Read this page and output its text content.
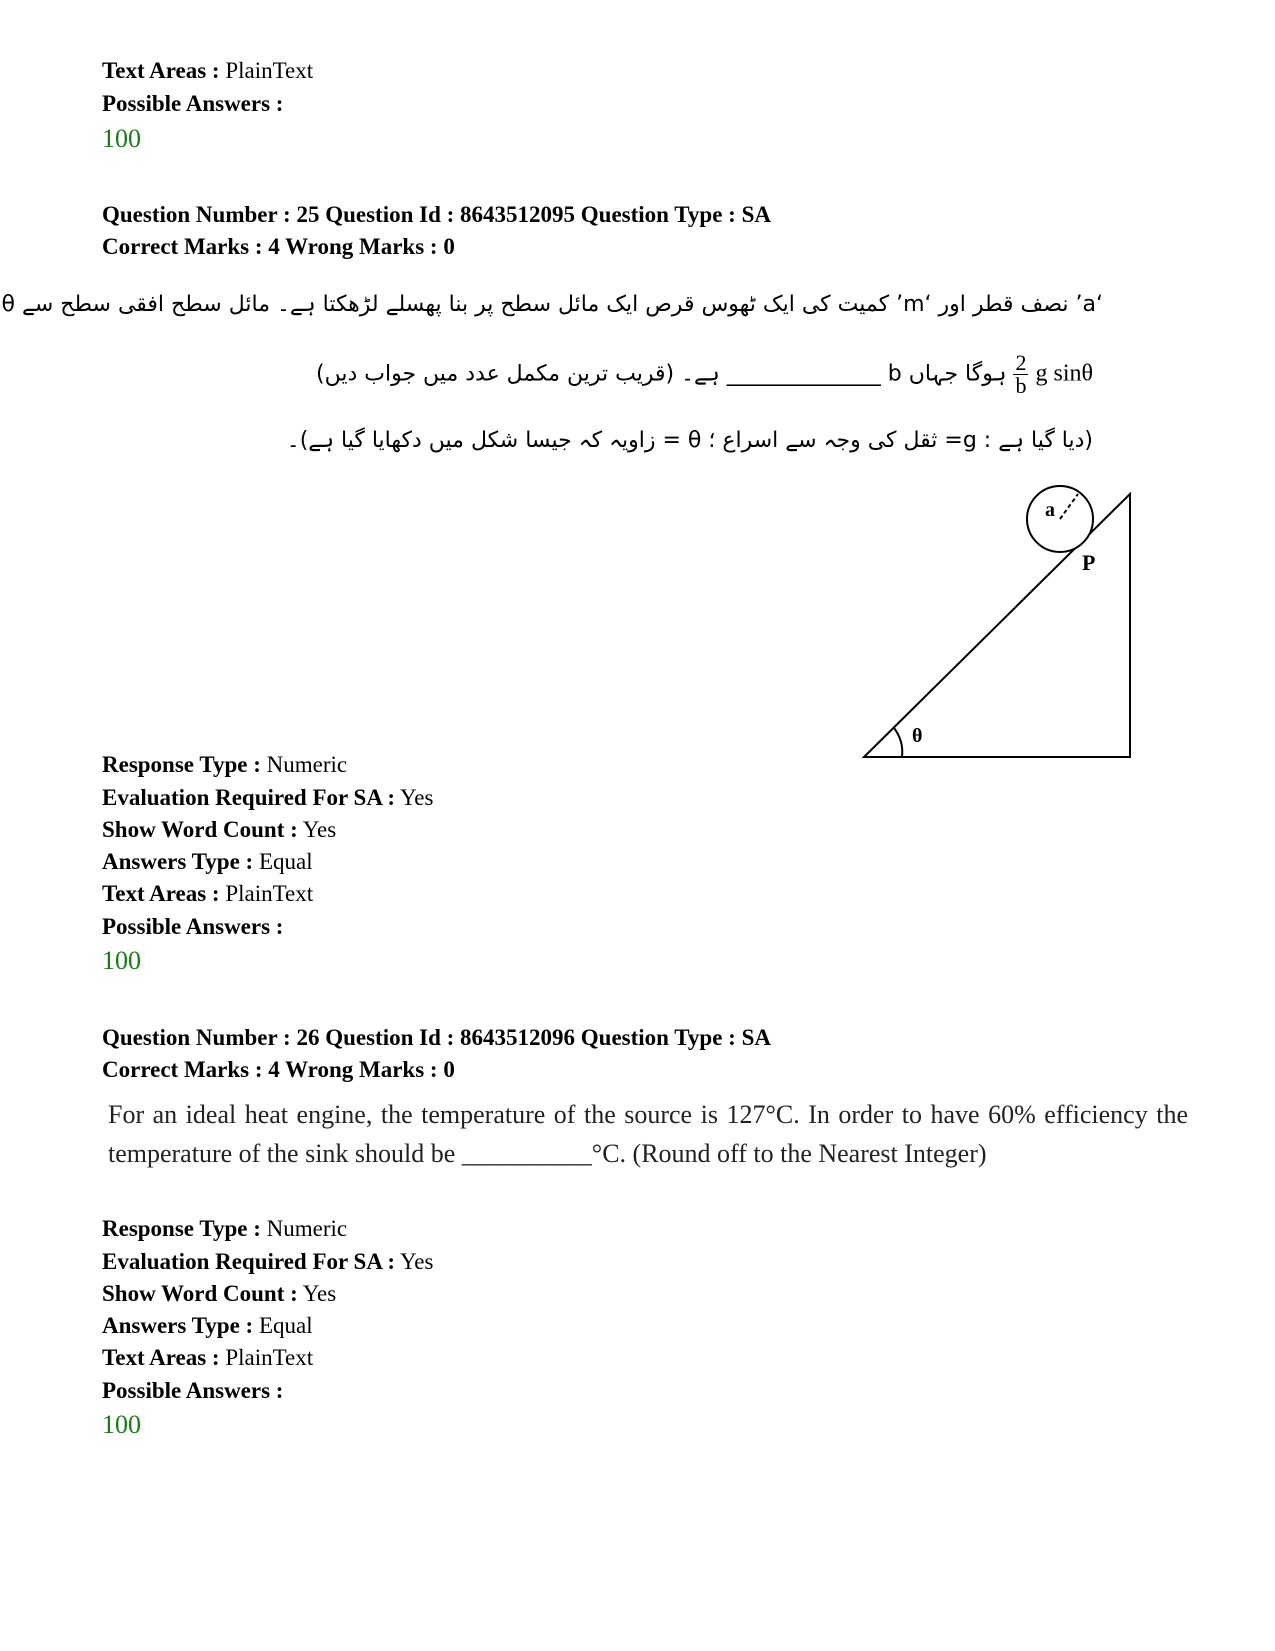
Text Areas : PlainText
Possible Answers :
100
Question Number : 25 Question Id : 8643512095 Question Type : SA
Correct Marks : 4 Wrong Marks : 0
‘a’ نصف قطر اور ‘m’ کمیت کی ایک ٹھوس قرص ایک مائل سطح پر بنا پھسلے لڑھکتا ہے۔ مائل سطح افقی سطح سے θ
g sinθ
$\frac{2}{b}$
ہوگا جہاں b ______________ ہے۔ (قریب ترین مکمل عدد میں جواب دیں)
(دیا گیا ہے : g= ثقل کی وجہ سے اسراع ؛ θ = زاویہ کہ جیسا شکل میں دکھایا گیا ہے)۔
a
P
θ
Response Type : Numeric
Evaluation Required For SA : Yes
Show Word Count : Yes
Answers Type : Equal
Text Areas : PlainText
Possible Answers :
100
Question Number : 26 Question Id : 8643512096 Question Type : SA
Correct Marks : 4 Wrong Marks : 0
For an ideal heat engine, the temperature of the source is 127°C. In order to have 60% efficiency the temperature of the sink should be __________°C. (Round off to the Nearest Integer)
Response Type : Numeric
Evaluation Required For SA : Yes
Show Word Count : Yes
Answers Type : Equal
Text Areas : PlainText
Possible Answers :
100
